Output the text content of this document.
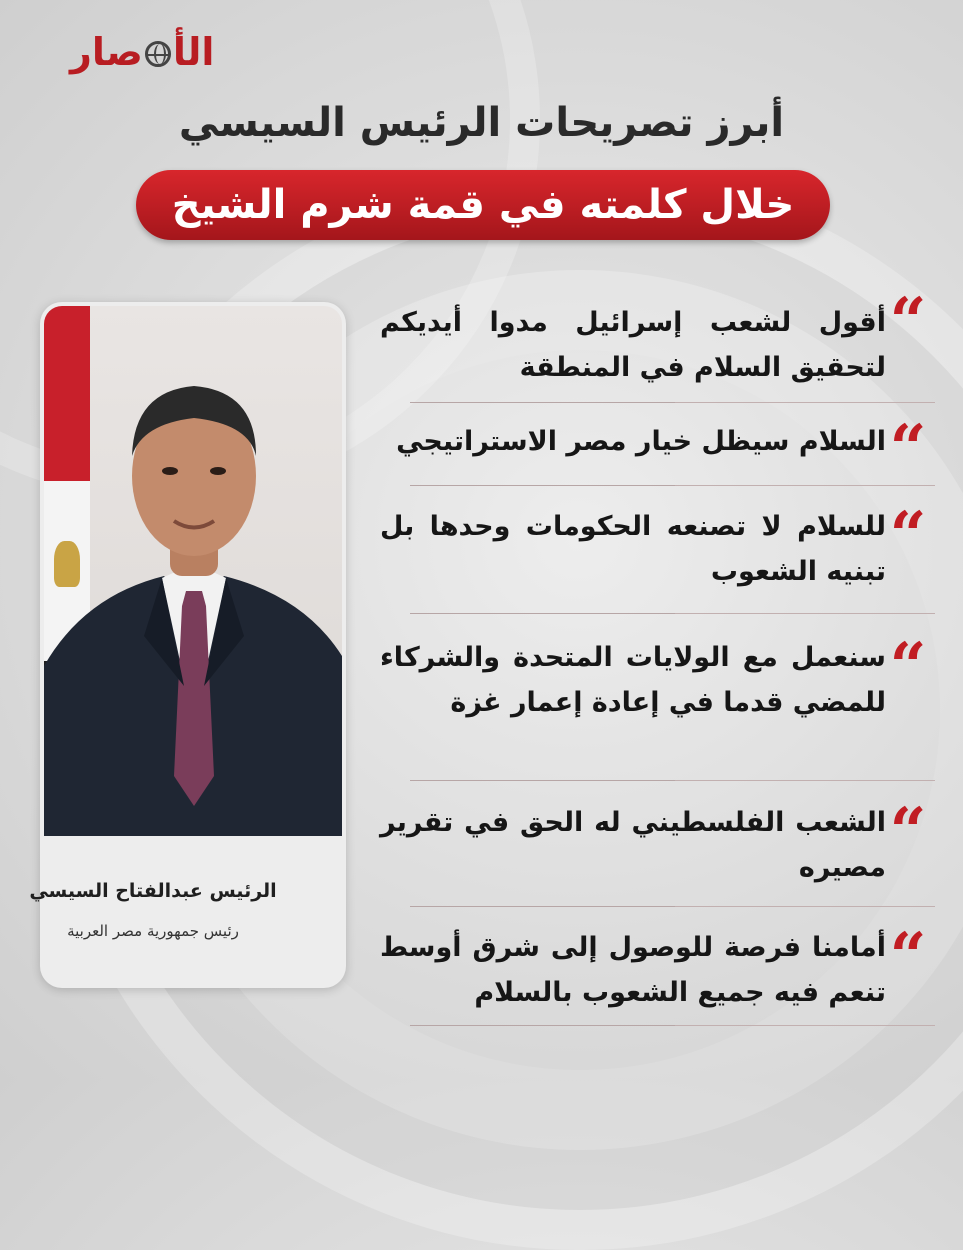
الأ
صار
أبرز تصريحات الرئيس السيسي
خلال كلمته في قمة شرم الشيخ
الرئيس عبدالفتاح السيسي
رئيس جمهورية مصر العربية
“
أقول لشعب إسرائيل مدوا أيديكم لتحقيق السلام في المنطقة
“
السلام سيظل خيار مصر الاستراتيجي
“
للسلام لا تصنعه الحكومات وحدها بل تبنيه الشعوب
“
سنعمل مع الولايات المتحدة والشركاء للمضي قدما في إعادة إعمار غزة
“
الشعب الفلسطيني له الحق في تقرير مصيره
“
أمامنا فرصة للوصول إلى شرق أوسط تنعم فيه جميع الشعوب بالسلام
